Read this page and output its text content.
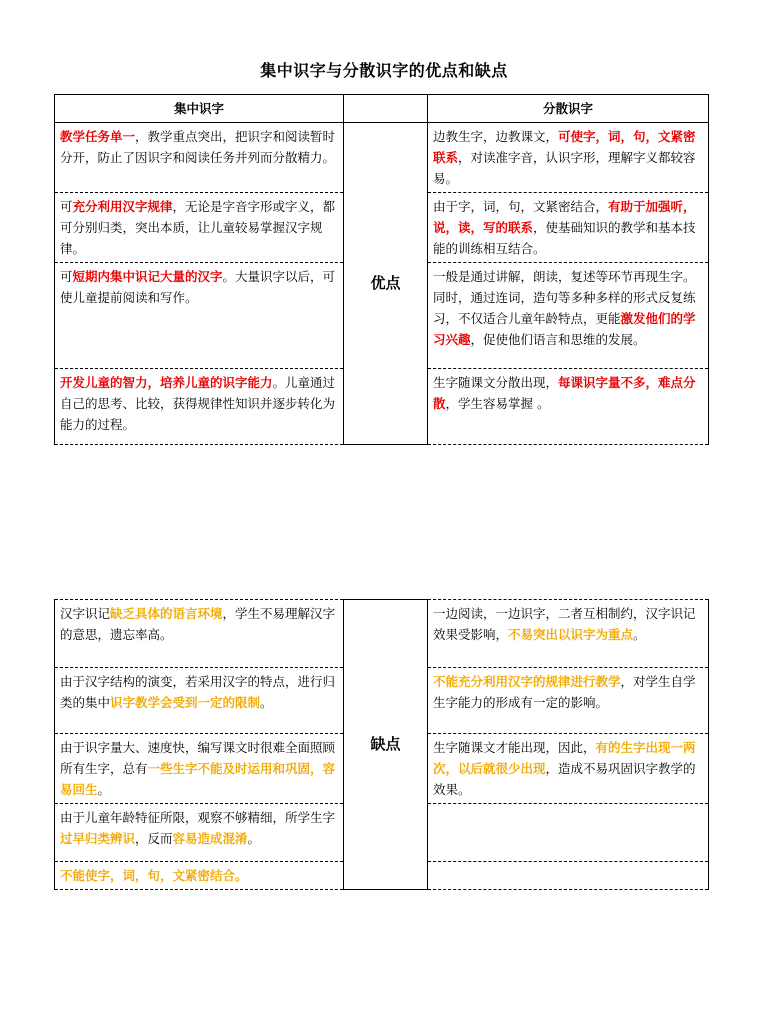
集中识字与分散识字的优点和缺点
集中识字		分散识字
教学任务单一，教学重点突出，把识字和阅读暂时分开，防止了因识字和阅读任务并列而分散精力。	优点	边教生字，边教课文，可使字，词，句，文紧密联系，对读准字音，认识字形，理解字义都较容易。
可充分利用汉字规律，无论是字音字形或字义，都可分别归类，突出本质，让儿童较易掌握汉字规律。		由于字，词，句，文紧密结合，有助于加强听，说，读，写的联系，使基础知识的教学和基本技能的训练相互结合。
可短期内集中识记大量的汉字。大量识字以后，可使儿童提前阅读和写作。		一般是通过讲解，朗读，复述等环节再现生字。同时，通过连词，造句等多种多样的形式反复练习，不仅适合儿童年龄特点，更能激发他们的学习兴趣，促使他们语言和思维的发展。
开发儿童的智力，培养儿童的识字能力。儿童通过自己的思考、比较，获得规律性知识并逐步转化为能力的过程。		生字随课文分散出现，每课识字量不多，难点分散，学生容易掌握 。
汉字识记缺乏具体的语言环境，学生不易理解汉字的意思，遗忘率高。	缺点	一边阅读，一边识字，二者互相制约，汉字识记效果受影响，不易突出以识字为重点。
由于汉字结构的演变，若采用汉字的特点，进行归类的集中识字教学会受到一定的限制。		不能充分利用汉字的规律进行教学，对学生自学生字能力的形成有一定的影响。
由于识字量大、速度快，编写课文时很难全面照顾所有生字，总有一些生字不能及时运用和巩固，容易回生。		生字随课文才能出现，因此，有的生字出现一两次，以后就很少出现，造成不易巩固识字教学的效果。
由于儿童年龄特征所限，观察不够精细，所学生字过早归类辨识，反而容易造成混淆。		
不能使字，词，句，文紧密结合。		
